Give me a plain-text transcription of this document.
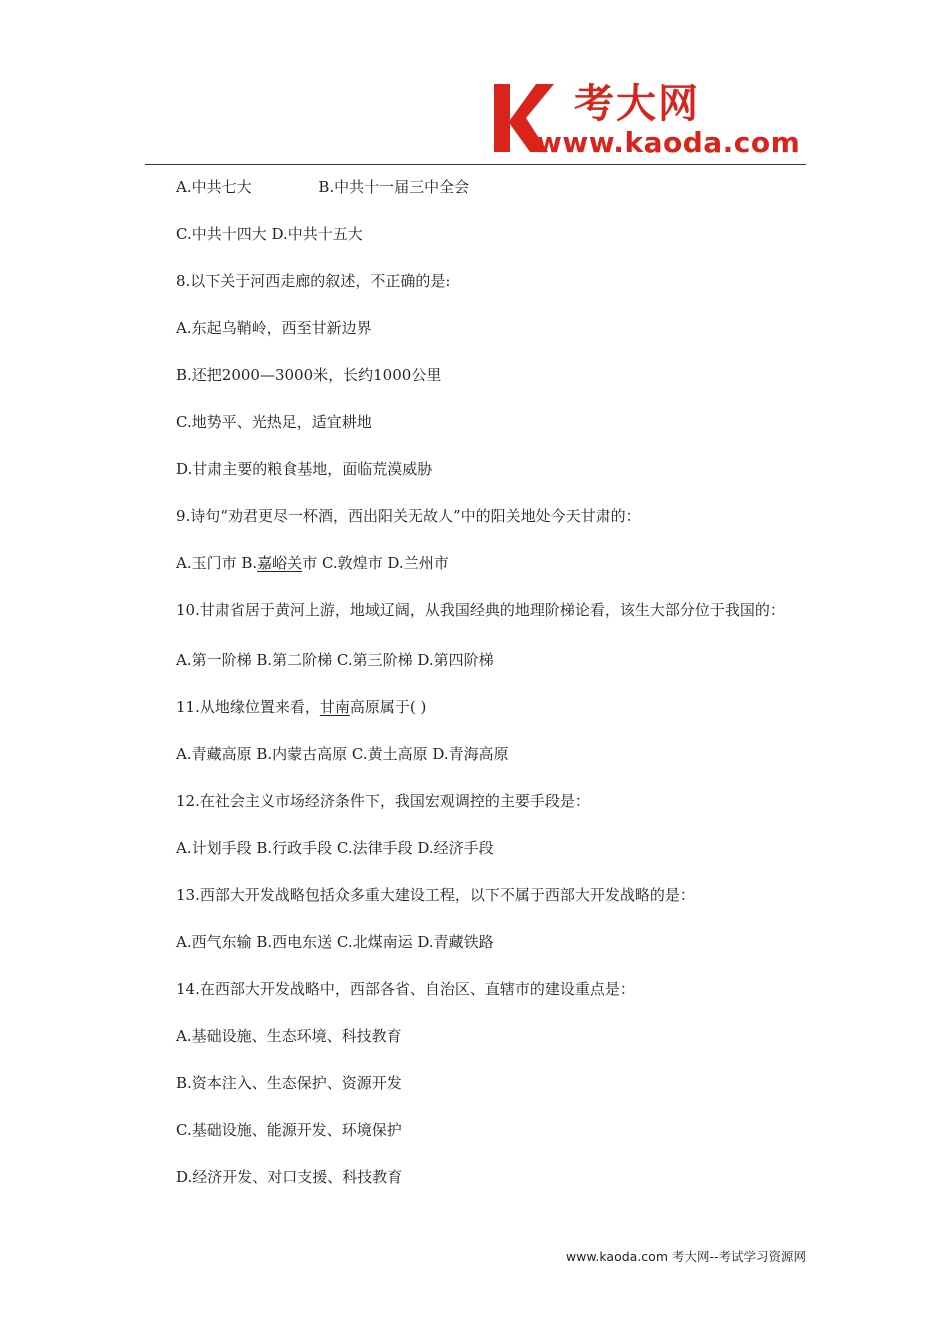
考大网
www.kaoda.com

A.中共七大              B.中共十一届三中全会

C.中共十四大 D.中共十五大

8.以下关于河西走廊的叙述，不正确的是:

A.东起乌鞘岭，西至甘新边界

B.还把2000—3000米，长约1000公里

C.地势平、光热足，适宜耕地

D.甘肃主要的粮食基地，面临荒漠威胁

9.诗句“劝君更尽一杯酒，西出阳关无故人”中的阳关地处今天甘肃的：

A.玉门市 B.嘉峪关市 C.敦煌市 D.兰州市

10.甘肃省居于黄河上游，地域辽阔，从我国经典的地理阶梯论看，该生大部分位于我国的：

A.第一阶梯 B.第二阶梯 C.第三阶梯 D.第四阶梯

11.从地缘位置来看，甘南高原属于( )

A.青藏高原 B.内蒙古高原 C.黄土高原 D.青海高原

12.在社会主义市场经济条件下，我国宏观调控的主要手段是：

A.计划手段 B.行政手段 C.法律手段 D.经济手段

13.西部大开发战略包括众多重大建设工程，以下不属于西部大开发战略的是：

A.西气东输 B.西电东送 C.北煤南运 D.青藏铁路

14.在西部大开发战略中，西部各省、自治区、直辖市的建设重点是：

A.基础设施、生态环境、科技教育

B.资本注入、生态保护、资源开发

C.基础设施、能源开发、环境保护

D.经济开发、对口支援、科技教育

www.kaoda.com 考大网--考试学习资源网
